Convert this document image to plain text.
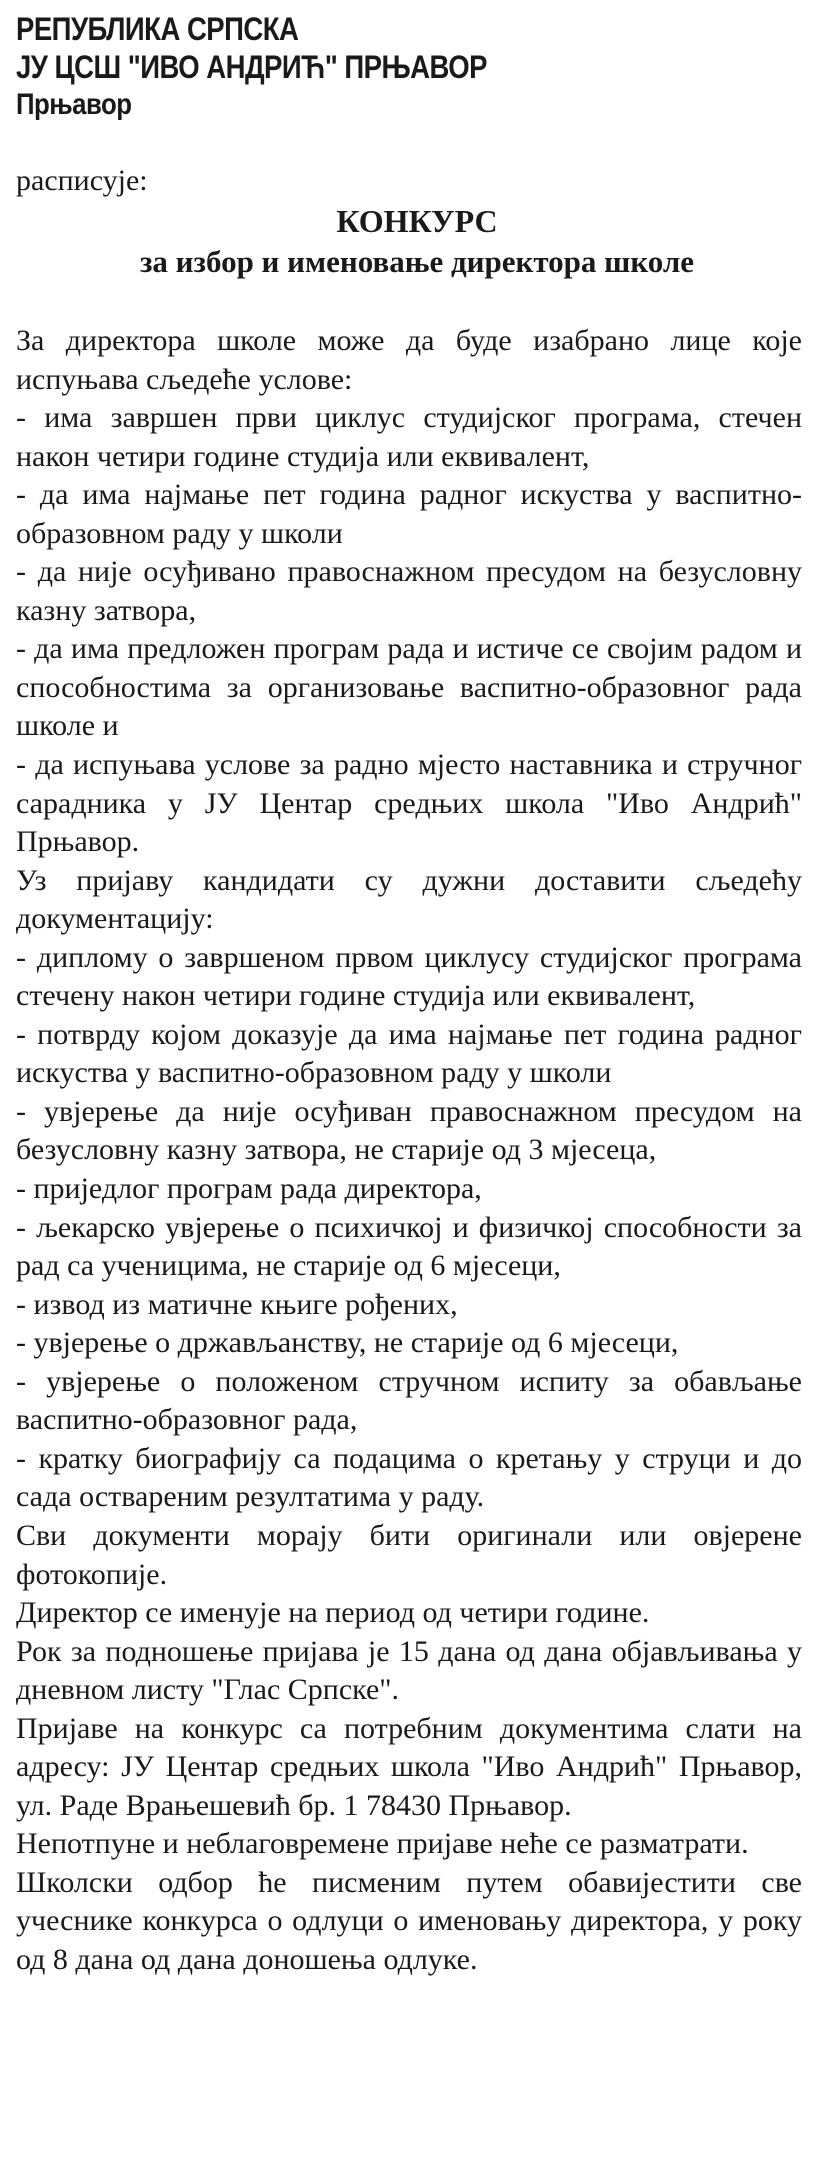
РЕПУБЛИКА СРПСКА
ЈУ ЦСШ "ИВО АНДРИЋ" ПРЊАВОР
Прњавор
расписује:
КОНКУРС
за избор и именовање директора школе

За директора школе може да буде изабрано лице које испуњава сљедеће услове:

- има завршен први циклус студијског програма, стечен након четири године студија или еквивалент,

- да има најмање пет година радног искуства у васпитно-образовном раду у школи

- да није осуђивано правоснажном пресудом на безусловну казну затвора,

- да има предложен програм рада и истиче се својим радом и способностима за организовање васпитно-образовног рада школе и

- да испуњава услове за радно мјесто наставника и стручног сарадника у ЈУ Центар средњих школа "Иво Андрић" Прњавор.

Уз пријаву кандидати су дужни доставити сљедећу документацију:

- диплому о завршеном првом циклусу студијског програма стечену након четири године студија или еквивалент,

- потврду којом доказује да има најмање пет година радног искуства у васпитно-образовном раду у школи

- увјерење да није осуђиван правоснажном пресудом на безусловну казну затвора, не старије од 3 мјесеца,

- приједлог програм рада директора,

- љекарско увјерење о психичкој и физичкој способности за рад са ученицима, не старије од 6 мјесеци,

- извод из матичне књиге рођених,

- увјерење о држављанству, не старије од 6 мјесеци,

- увјерење о положеном стручном испиту за обављање васпитно-образовног рада,

- кратку биографију са подацима о кретању у струци и до сада оствареним резултатима у раду.

Сви документи морају бити оригинали или овјерене фотокопије.

Директор се именује на период од четири године.

Рок за подношење пријава је 15 дана од дана објављивања у дневном листу "Глас Српске".

Пријаве на конкурс са потребним документима слати на адресу: ЈУ Центар средњих школа "Иво Андрић" Прњавор, ул. Раде Врањешевић бр. 1 78430 Прњавор.

Непотпуне и неблаговремене пријаве неће се разматрати.

Школски одбор ће писменим путем обавијестити све учеснике конкурса о одлуци о именовању директора, у року од 8 дана од дана доношења одлуке.
